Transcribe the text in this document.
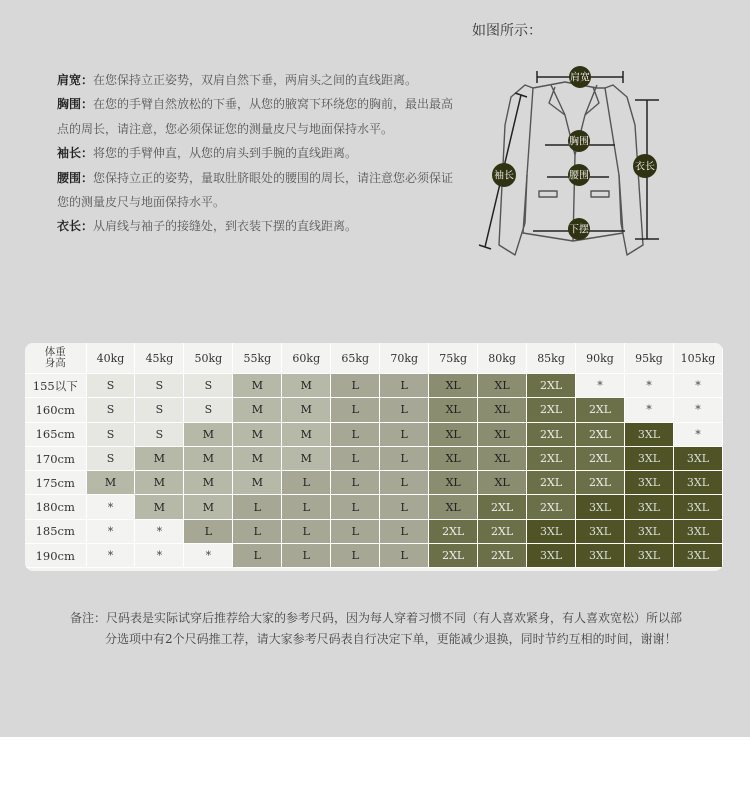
如图所示：

肩宽：在您保持立正姿势，双肩自然下垂，两肩头之间的直线距离。

胸围：在您的手臂自然放松的下垂，从您的腋窝下环绕您的胸前，最出最高点的周长，请注意，您必须保证您的测量皮尺与地面保持水平。

袖长：将您的手臂伸直，从您的肩头到手腕的直线距离。

腰围：您保持立正的姿势，量取肚脐眼处的腰围的周长，请注意您必须保证您的测量皮尺与地面保持水平。

衣长：从肩线与袖子的接缝处，到衣装下摆的直线距离。

肩宽
胸围
腰围
下摆
袖长
衣长
体重
身高	40kg	45kg	50kg	55kg	60kg	65kg	70kg	75kg	80kg	85kg	90kg	95kg	105kg
155以下	S	S	S	M	M	L	L	XL	XL	2XL	*	*	*
160cm	S	S	S	M	M	L	L	XL	XL	2XL	2XL	*	*
165cm	S	S	M	M	M	L	L	XL	XL	2XL	2XL	3XL	*
170cm	S	M	M	M	M	L	L	XL	XL	2XL	2XL	3XL	3XL
175cm	M	M	M	M	L	L	L	XL	XL	2XL	2XL	3XL	3XL
180cm	*	M	M	L	L	L	L	XL	2XL	2XL	3XL	3XL	3XL
185cm	*	*	L	L	L	L	L	2XL	2XL	3XL	3XL	3XL	3XL
190cm	*	*	*	L	L	L	L	2XL	2XL	3XL	3XL	3XL	3XL

备注：尺码表是实际试穿后推荐给大家的参考尺码，因为每人穿着习惯不同（有人喜欢紧身，有人喜欢宽松）所以部

分选项中有2个尺码推工荐，请大家参考尺码表自行决定下单，更能减少退换，同时节约互相的时间，谢谢！
